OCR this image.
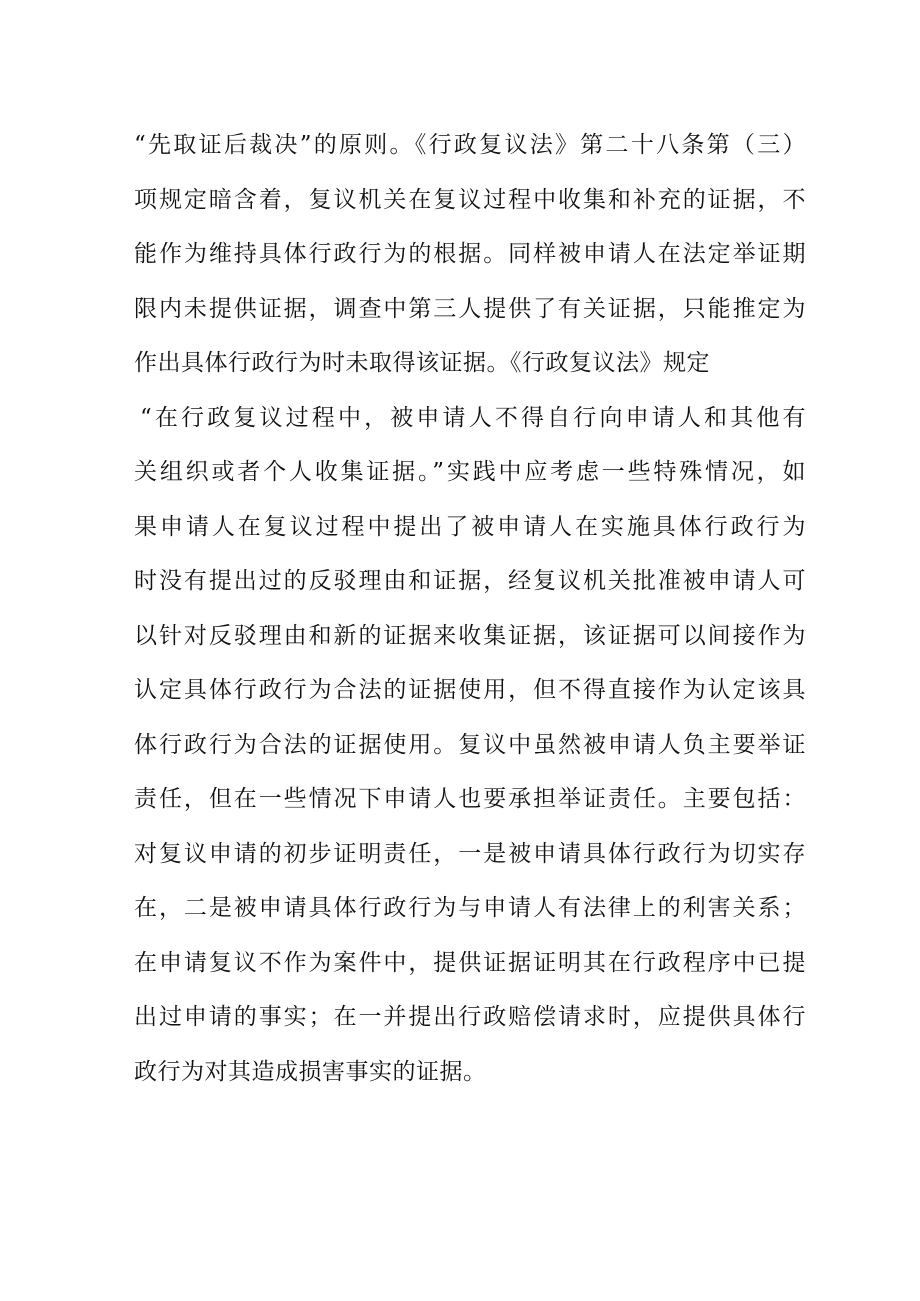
“先取证后裁决”的原则。《行政复议法》第二十八条第（三）
项规定暗含着，复议机关在复议过程中收集和补充的证据，不
能作为维持具体行政行为的根据。同样被申请人在法定举证期
限内未提供证据，调查中第三人提供了有关证据，只能推定为
作出具体行政行为时未取得该证据。《行政复议法》规定
“在行政复议过程中，被申请人不得自行向申请人和其他有
关组织或者个人收集证据。”实践中应考虑一些特殊情况，如
果申请人在复议过程中提出了被申请人在实施具体行政行为
时没有提出过的反驳理由和证据，经复议机关批准被申请人可
以针对反驳理由和新的证据来收集证据，该证据可以间接作为
认定具体行政行为合法的证据使用，但不得直接作为认定该具
体行政行为合法的证据使用。复议中虽然被申请人负主要举证
责任，但在一些情况下申请人也要承担举证责任。主要包括：
对复议申请的初步证明责任，一是被申请具体行政行为切实存
在，二是被申请具体行政行为与申请人有法律上的利害关系；
在申请复议不作为案件中，提供证据证明其在行政程序中已提
出过申请的事实；在一并提出行政赔偿请求时，应提供具体行
政行为对其造成损害事实的证据。
